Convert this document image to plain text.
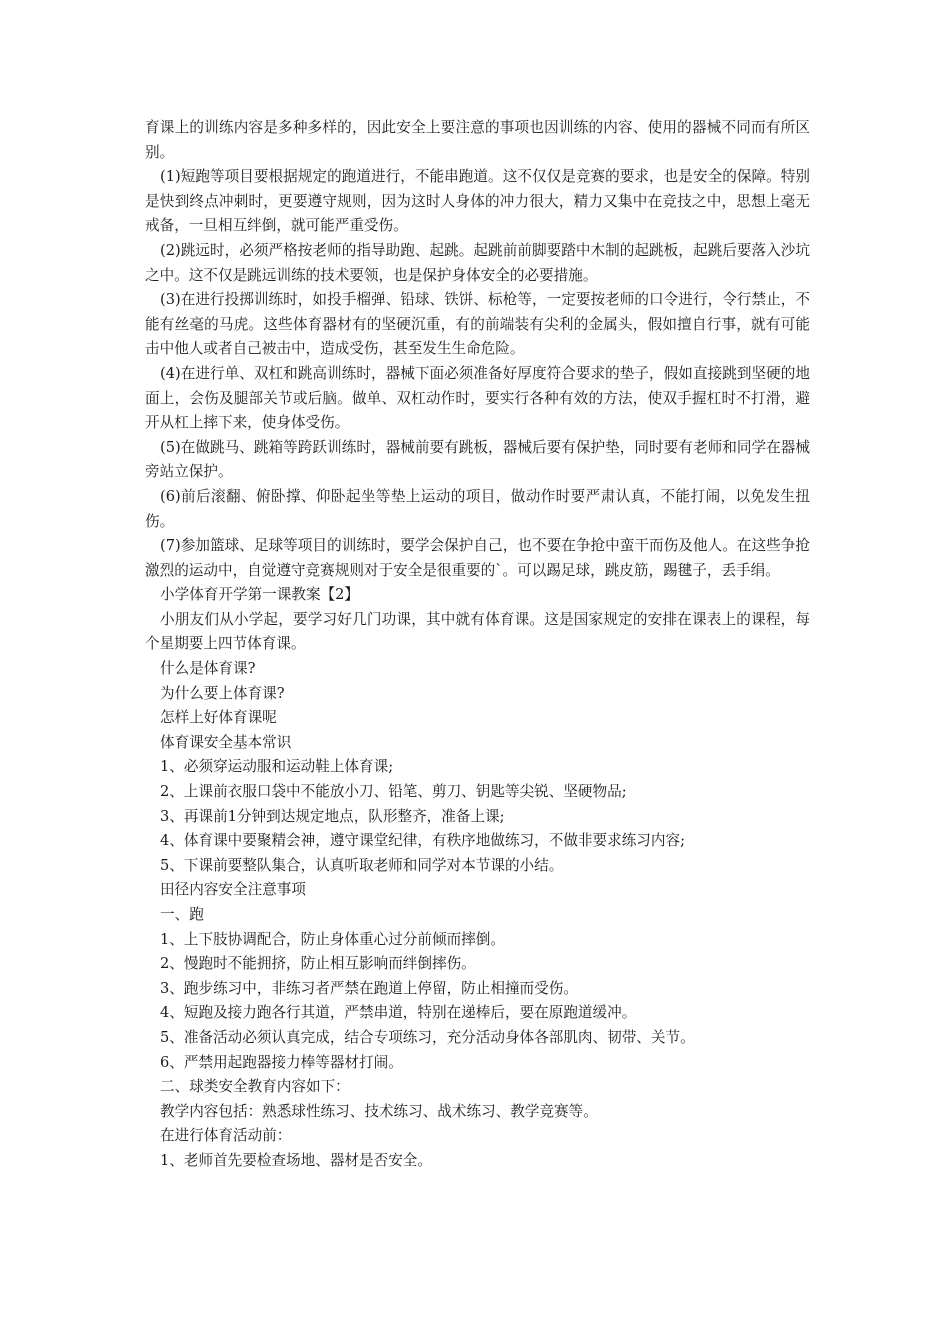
育课上的训练内容是多种多样的，因此安全上要注意的事项也因训练的内容、使用的器械不同而有所区别。

(1)短跑等项目要根据规定的跑道进行，不能串跑道。这不仅仅是竞赛的要求，也是安全的保障。特别是快到终点冲刺时，更要遵守规则，因为这时人身体的冲力很大，精力又集中在竞技之中，思想上毫无戒备，一旦相互绊倒，就可能严重受伤。

(2)跳远时，必须严格按老师的指导助跑、起跳。起跳前前脚要踏中木制的起跳板，起跳后要落入沙坑之中。这不仅是跳远训练的技术要领，也是保护身体安全的必要措施。

(3)在进行投掷训练时，如投手榴弹、铅球、铁饼、标枪等，一定要按老师的口令进行，令行禁止，不能有丝毫的马虎。这些体育器材有的坚硬沉重，有的前端装有尖利的金属头，假如擅自行事，就有可能击中他人或者自己被击中，造成受伤，甚至发生生命危险。

(4)在进行单、双杠和跳高训练时，器械下面必须准备好厚度符合要求的垫子，假如直接跳到坚硬的地面上，会伤及腿部关节或后脑。做单、双杠动作时，要实行各种有效的方法，使双手握杠时不打滑，避开从杠上摔下来，使身体受伤。

(5)在做跳马、跳箱等跨跃训练时，器械前要有跳板，器械后要有保护垫，同时要有老师和同学在器械旁站立保护。

(6)前后滚翻、俯卧撑、仰卧起坐等垫上运动的项目，做动作时要严肃认真，不能打闹，以免发生扭伤。

(7)参加篮球、足球等项目的训练时，要学会保护自己，也不要在争抢中蛮干而伤及他人。在这些争抢激烈的运动中，自觉遵守竞赛规则对于安全是很重要的`。可以踢足球，跳皮筋，踢毽子，丢手绢。

小学体育开学第一课教案【2】

小朋友们从小学起，要学习好几门功课，其中就有体育课。这是国家规定的安排在课表上的课程，每个星期要上四节体育课。

什么是体育课?

为什么要上体育课?

怎样上好体育课呢

体育课安全基本常识

1、必须穿运动服和运动鞋上体育课;

2、上课前衣服口袋中不能放小刀、铅笔、剪刀、钥匙等尖锐、坚硬物品;

3、再课前1分钟到达规定地点，队形整齐，准备上课;

4、体育课中要聚精会神，遵守课堂纪律，有秩序地做练习，不做非要求练习内容;

5、下课前要整队集合，认真听取老师和同学对本节课的小结。

田径内容安全注意事项

一、跑

1、上下肢协调配合，防止身体重心过分前倾而摔倒。

2、慢跑时不能拥挤，防止相互影响而绊倒摔伤。

3、跑步练习中，非练习者严禁在跑道上停留，防止相撞而受伤。

4、短跑及接力跑各行其道，严禁串道，特别在递棒后，要在原跑道缓冲。

5、准备活动必须认真完成，结合专项练习，充分活动身体各部肌肉、韧带、关节。

6、严禁用起跑器接力棒等器材打闹。

二、球类安全教育内容如下：

教学内容包括：熟悉球性练习、技术练习、战术练习、教学竞赛等。

在进行体育活动前：

1、老师首先要检查场地、器材是否安全。
